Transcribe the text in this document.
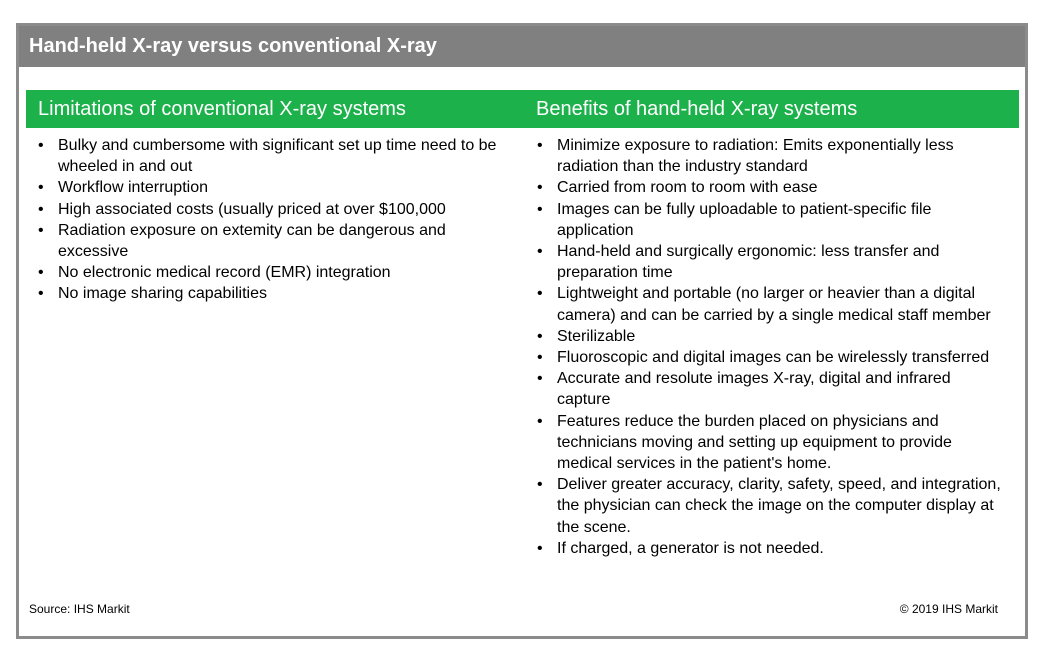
Hand-held X-ray versus conventional X-ray
Limitations of conventional X-ray systems	Benefits of hand-held X-ray systems
• Bulky and cumbersome with significant set up time need to be wheeled in and out
• Workflow interruption
• High associated costs (usually priced at over $100,000
• Radiation exposure on extemity can be dangerous and excessive
• No electronic medical record (EMR) integration
• No image sharing capabilities
• Minimize exposure to radiation: Emits exponentially less radiation than the industry standard
• Carried from room to room with ease
• Images can be fully uploadable to patient-specific file application
• Hand-held and surgically ergonomic: less transfer and preparation time
• Lightweight and portable (no larger or heavier than a digital camera) and can be carried by a single medical staff member
• Sterilizable
• Fluoroscopic and digital images can be wirelessly transferred
• Accurate and resolute images X-ray, digital and infrared capture
• Features reduce the burden placed on physicians and technicians moving and setting up equipment to provide medical services in the patient's home.
• Deliver greater accuracy, clarity, safety, speed, and integration, the physician can check the image on the computer display at the scene.
• If charged, a generator is not needed.
Source: IHS Markit	© 2019 IHS Markit
